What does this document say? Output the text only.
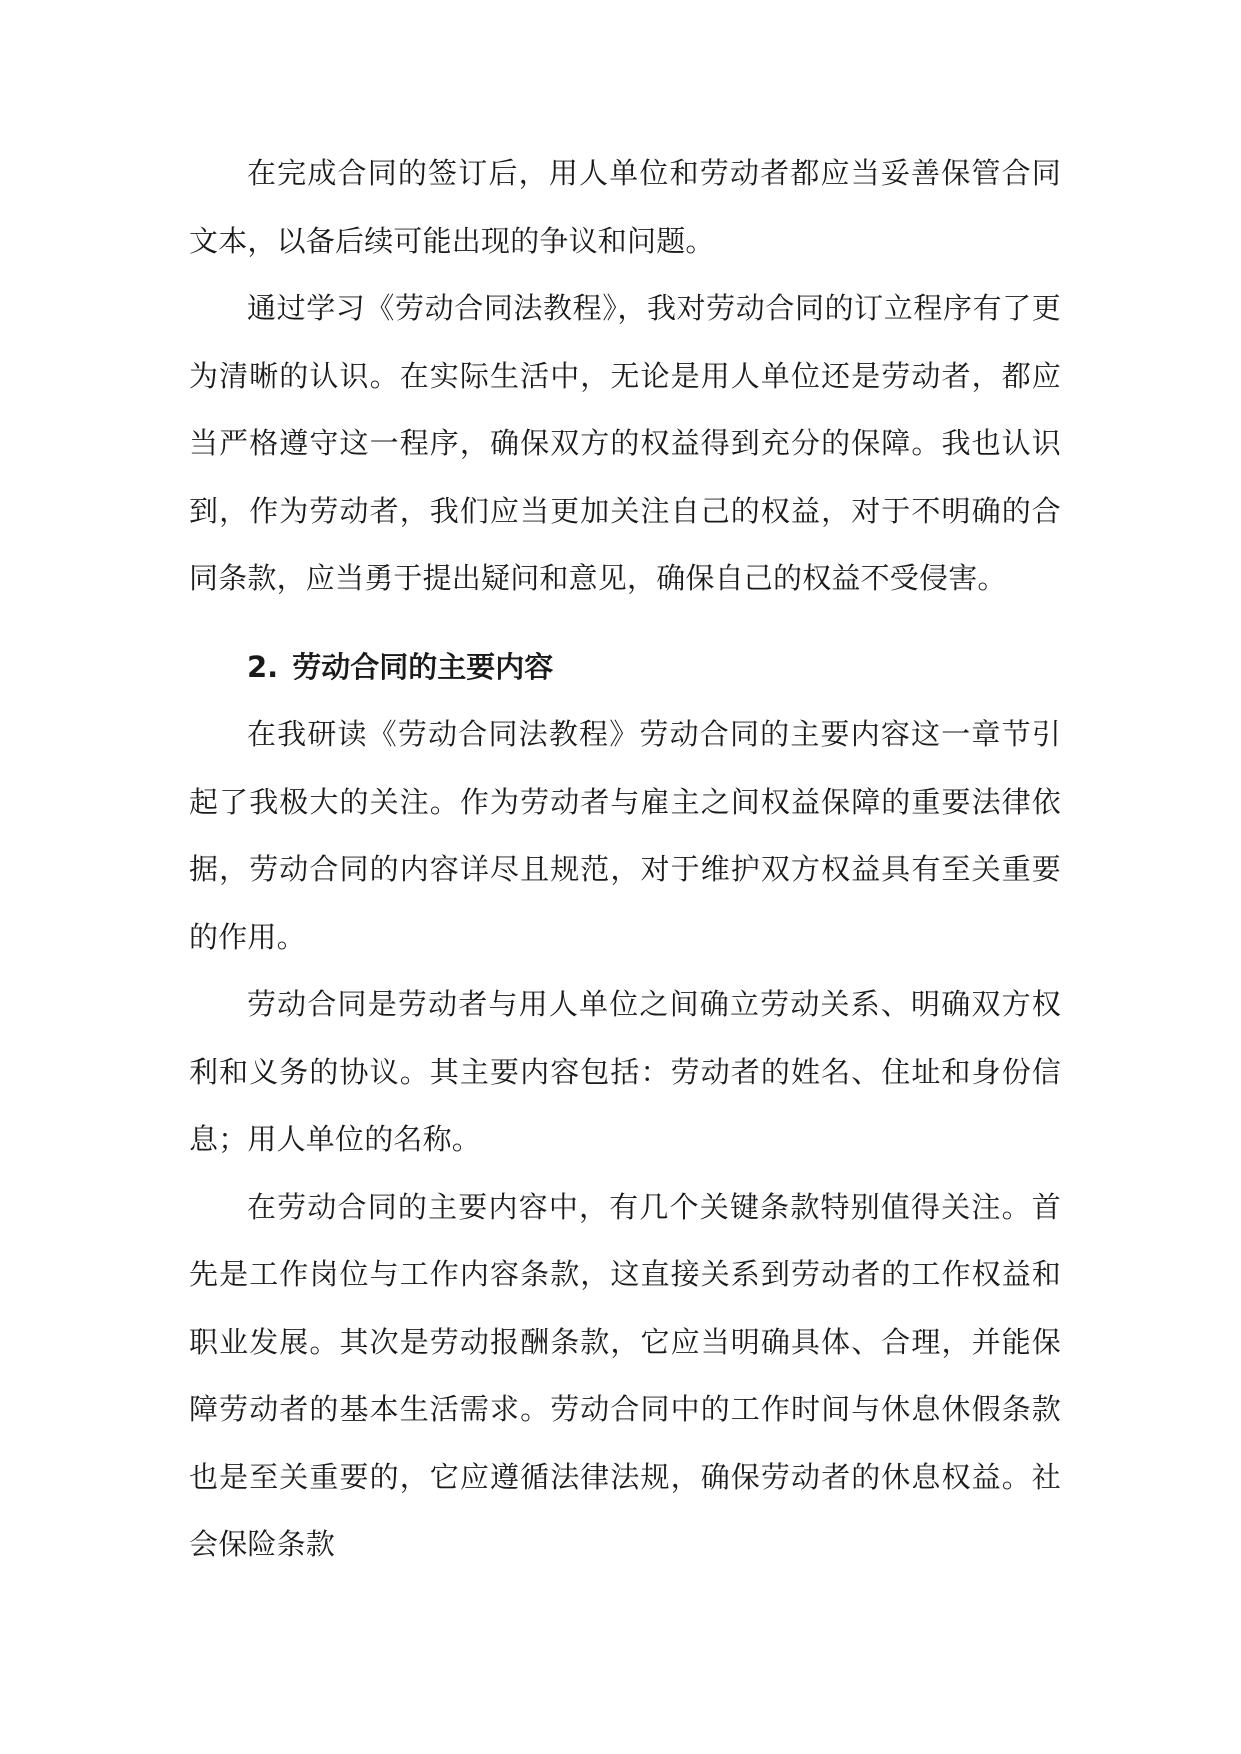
在完成合同的签订后，用人单位和劳动者都应当妥善保管合同文本，以备后续可能出现的争议和问题。

通过学习《劳动合同法教程》，我对劳动合同的订立程序有了更为清晰的认识。在实际生活中，无论是用人单位还是劳动者，都应当严格遵守这一程序，确保双方的权益得到充分的保障。我也认识到，作为劳动者，我们应当更加关注自己的权益，对于不明确的合同条款，应当勇于提出疑问和意见，确保自己的权益不受侵害。

2. 劳动合同的主要内容

在我研读《劳动合同法教程》劳动合同的主要内容这一章节引起了我极大的关注。作为劳动者与雇主之间权益保障的重要法律依据，劳动合同的内容详尽且规范，对于维护双方权益具有至关重要的作用。

劳动合同是劳动者与用人单位之间确立劳动关系、明确双方权利和义务的协议。其主要内容包括：劳动者的姓名、住址和身份信息；用人单位的名称。

在劳动合同的主要内容中，有几个关键条款特别值得关注。首先是工作岗位与工作内容条款，这直接关系到劳动者的工作权益和职业发展。其次是劳动报酬条款，它应当明确具体、合理，并能保障劳动者的基本生活需求。劳动合同中的工作时间与休息休假条款也是至关重要的，它应遵循法律法规，确保劳动者的休息权益。社会保险条款
